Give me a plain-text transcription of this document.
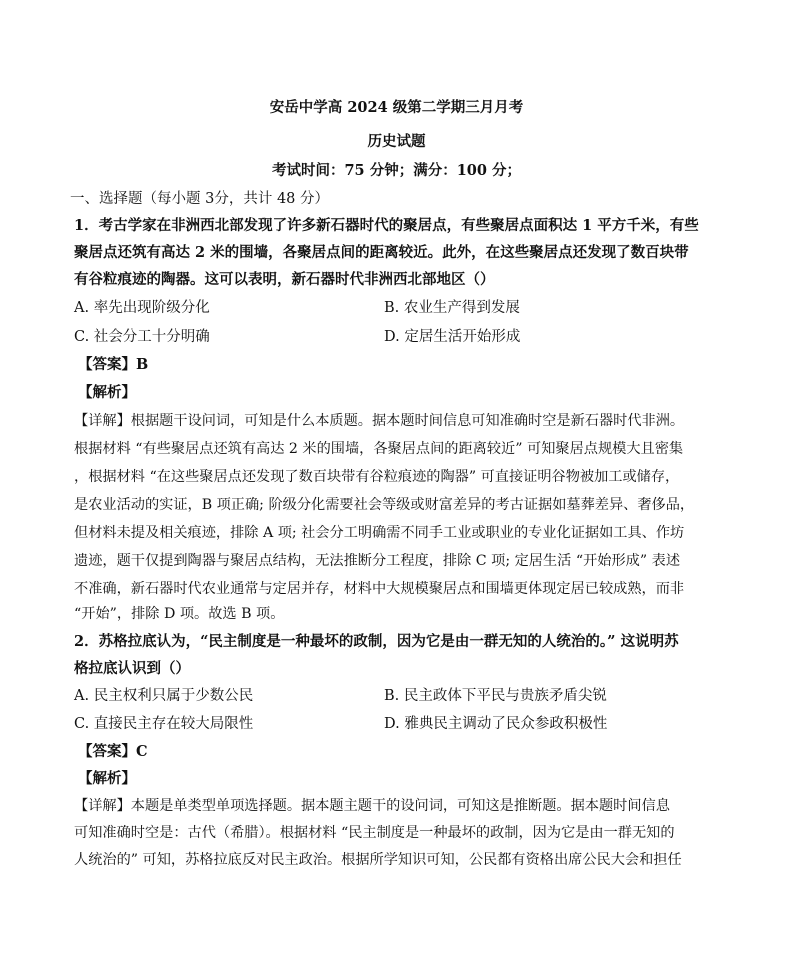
安岳中学高 2024 级第二学期三月月考
历史试题
考试时间：75 分钟；满分：100 分；
一、选择题（每小题 3分，共计 48 分）
1．考古学家在非洲西北部发现了许多新石器时代的聚居点，有些聚居点面积达 1 平方千米，有些
聚居点还筑有高达 2 米的围墙，各聚居点间的距离较近。此外，在这些聚居点还发现了数百块带
有谷粒痕迹的陶器。这可以表明，新石器时代非洲西北部地区（）
A. 率先出现阶级分化	B. 农业生产得到发展
C. 社会分工十分明确	D. 定居生活开始形成
【答案】B
【解析】
【详解】根据题干设问词，可知是什么本质题。据本题时间信息可知准确时空是新石器时代非洲。
根据材料 “有些聚居点还筑有高达 2 米的围墙，各聚居点间的距离较近” 可知聚居点规模大且密集
，根据材料 “在这些聚居点还发现了数百块带有谷粒痕迹的陶器” 可直接证明谷物被加工或储存，
是农业活动的实证，B 项正确; 阶级分化需要社会等级或财富差异的考古证据如墓葬差异、奢侈品，
但材料未提及相关痕迹，排除 A 项; 社会分工明确需不同手工业或职业的专业化证据如工具、作坊
遗迹，题干仅提到陶器与聚居点结构，无法推断分工程度，排除 C 项; 定居生活 “开始形成” 表述
不准确，新石器时代农业通常与定居并存，材料中大规模聚居点和围墙更体现定居已较成熟，而非
“开始”，排除 D 项。故选 B 项。
2．苏格拉底认为，“民主制度是一种最坏的政制，因为它是由一群无知的人统治的。” 这说明苏
格拉底认识到（）
A. 民主权利只属于少数公民	B. 民主政体下平民与贵族矛盾尖锐
C. 直接民主存在较大局限性	D. 雅典民主调动了民众参政积极性
【答案】C
【解析】
【详解】本题是单类型单项选择题。据本题主题干的设问词，可知这是推断题。据本题时间信息
可知准确时空是：古代（希腊）。根据材料 “民主制度是一种最坏的政制，因为它是由一群无知的
人统治的” 可知，苏格拉底反对民主政治。根据所学知识可知，公民都有资格出席公民大会和担任
